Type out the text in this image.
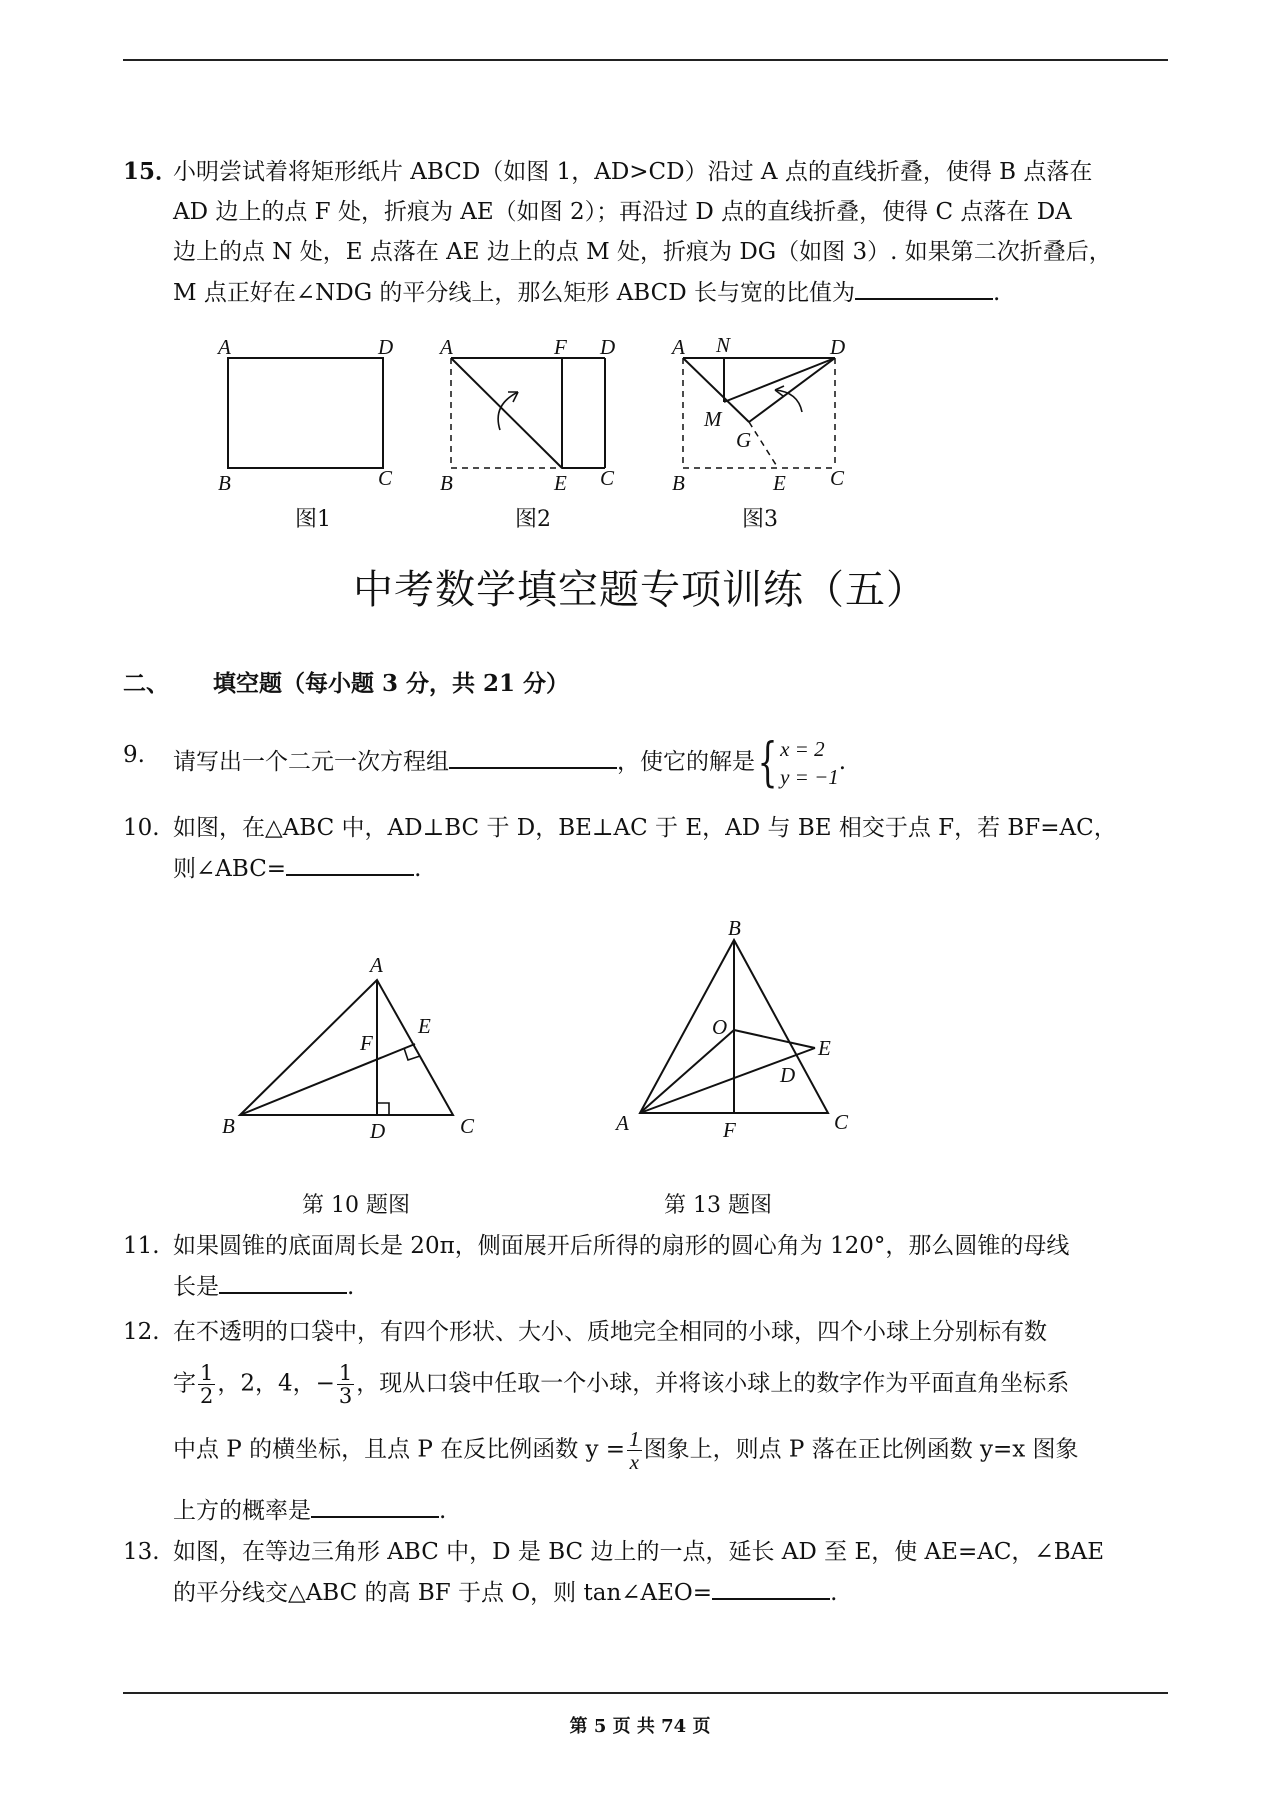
15．
小明尝试着将矩形纸片 ABCD（如图 1，AD>CD）沿过 A 点的直线折叠，使得 B 点落在
AD 边上的点 F 处，折痕为 AE（如图 2）；再沿过 D 点的直线折叠，使得 C 点落在 DA
边上的点 N 处，E 点落在 AE 边上的点 M 处，折痕为 DG（如图 3）. 如果第二次折叠后，
M 点正好在∠NDG 的平分线上，那么矩形 ABCD 长与宽的比值为	.
A	D
B	C
A	F D
B	E C
A N	D
M
G
B	E C
图1	图2	图3
中考数学填空题专项训练（五）
二、 填空题（每小题 3 分，共 21 分）
9. 请写出一个二元一次方程组	，使它的解是{ x = 2
y = −1
.
10. 如图，在△ABC 中，AD⊥BC 于 D，BE⊥AC 于 E，AD 与 BE 相交于点 F，若 BF=AC，
则∠ABC=	.
A
F
E
B	D	C
第 10 题图
B
O
E
D
A	F	C
第 13 题图
11. 如果圆锥的底面周长是 20π，侧面展开后所得的扇形的圆心角为 120°，那么圆锥的母线
长是	.
12. 在不透明的口袋中，有四个形状、大小、质地完全相同的小球，四个小球上分别标有数
字 $\frac{1}{2}$ ，2，4，− $\frac{1}{3}$ ，现从口袋中任取一个小球，并将该小球上的数字作为平面直角坐标系
中点 P 的横坐标，且点 P 在反比例函数 $y = \frac{1}{x}$ 图象上，则点 P 落在正比例函数 y=x 图象
上方的概率是	.
13. 如图，在等边三角形 ABC 中，D 是 BC 边上的一点，延长 AD 至 E，使 AE=AC，∠BAE
的平分线交△ABC 的高 BF 于点 O，则 tan∠AEO=	.
第 5 页 共 74 页
